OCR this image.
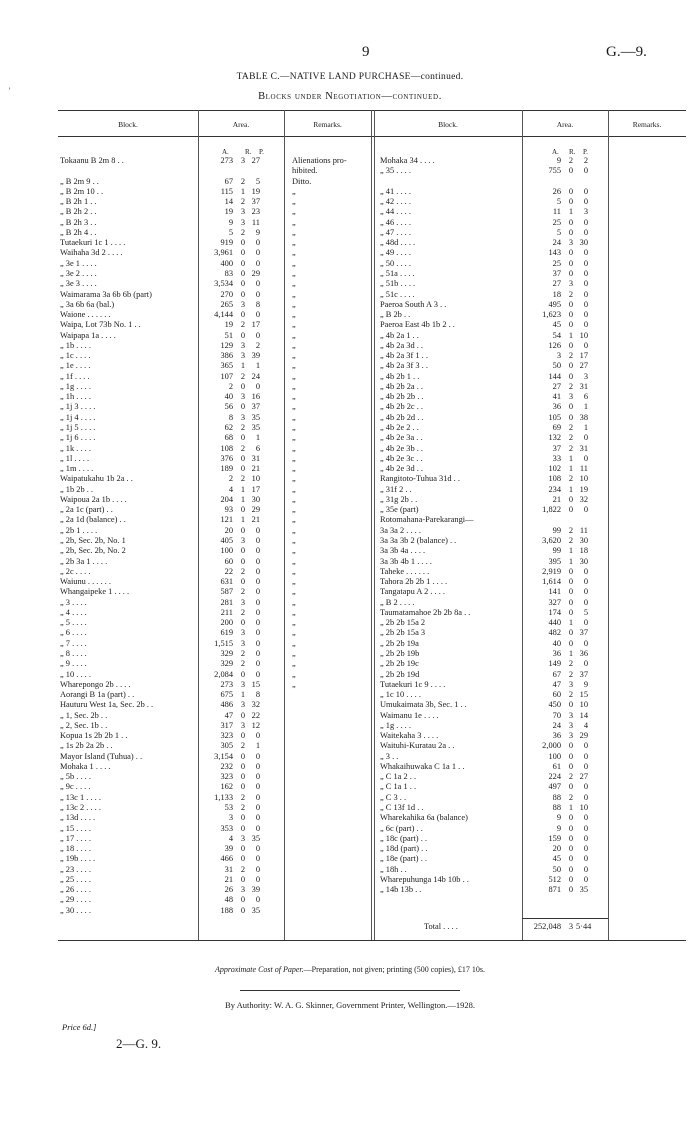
ʼ
9	G.—9.
TABLE C.—NATIVE LAND PURCHASE—continued.
Blocks under Negotiation—continued.
Block.	Area.	Remarks.	Block.	Area.	Remarks.
A. R. P.	A. R. P.
Tokaanu B 2m 8 . .	273 3 27	Alienations pro-
hibited.
„ B 2m 9 . .	67 2	5	Ditto.
„ B 2m 10 . .	115 1 19	„
„ B 2h 1 . .	14 2 37	„
„ B 2h 2 . .	19 3 23	„
„ B 2h 3 . .	9 3 11	„
„ B 2h 4 . .	5 2	9	„
Tutaekuri 1c 1 . . . .	919 0	0	„
Waihaha 3d 2 . . . .	3,961 0	0	„
„ 3e 1 . . . .	400 0	0	„
„ 3e 2 . . . .	83 0 29	„
„ 3e 3 . . . .	3,534 0	0	„
Waimarama 3a 6b 6b (part)	270 0	0	„
„ 3a 6b 6a (bal.)	265 3	8	„
Waione . . . . . .	4,144 0	0	„
Waipa, Lot 73b No. 1 . .	19 2 17	„
Waipapa 1a . . . .	51 0	0	„
„ 1b . . . .	129 3	2	„
„ 1c . . . .	386 3 39	„
„ 1e . . . .	365 1	1	„
„ 1f . . . .	107 2 24	„
„ 1g . . . .	2 0	0	„
„ 1h . . . .	40 3 16	„
„ 1j 3 . . . .	56 0 37	„
„ 1j 4 . . . .	8 3 35	„
„ 1j 5 . . . .	62 2 35	„
„ 1j 6 . . . .	68 0	1	„
„ 1k . . . .	108 2	6	„
„ 1l . . . .	376 0 31	„
„ 1m . . . .	189 0 21	„
Waipatukahu 1b 2a . .	2 2 10	„
„ 1b 2b . .	4 1 17	„
Waipoua 2a 1b . . . .	204 1 30	„
„ 2a 1c (part) . .	93 0 29	„
„ 2a 1d (balance) . .	121 1 21	„
„ 2b 1 . . . .	20 0	0	„
„ 2b, Sec. 2b, No. 1	405 3	0	„
„ 2b, Sec. 2b, No. 2	100 0	0	„
„ 2b 3a 1 . . . .	60 0	0	„
„ 2c . . . .	22 2	0	„
Waiunu . . . . . .	631 0	0	„
Whangaipeke 1 . . . .	587 2	0	„
„ 3 . . . .	281 3	0	„
„ 4 . . . .	211 2	0	„
„ 5 . . . .	200 0	0	„
„ 6 . . . .	619 3	0	„
„ 7 . . . .	1,515 3	0	„
„ 8 . . . .	329 2	0	„
„ 9 . . . .	329 2	0	„
„ 10 . . . .	2,084 0	0	„
Wharepongo 2b . . . .	273 3 15	„
Aorangi B 1a (part) . .	675 1	8
Hauturu West 1a, Sec. 2b . .	486 3 32
„ 1, Sec. 2b . .	47 0 22
„ 2, Sec. 1b . .	317 3 12
Kopua 1s 2b 2b 1 . .	323 0	0
„ 1s 2b 2a 2b . .	305 2	1
Mayor Island (Tuhua) . .	3,154 0	0
Mohaka 1 . . . .	232 0	0
„ 5b . . . .	323 0	0
„ 9c . . . .	162 0	0
„ 13c 1 . . . .	1,133 2	0
„ 13c 2 . . . .	53 2	0
„ 13d . . . .	3 0	0
„ 15 . . . .	353 0	0
„ 17 . . . .	4 3 35
„ 18 . . . .	39 0	0
„ 19b . . . .	466 0	0
„ 23 . . . .	31 2	0
„ 25 . . . .	21 0	0
„ 26 . . . .	26 3 39
„ 29 . . . .	48 0	0
„ 30 . . . .	188 0 35
Mohaka 34 . . . .	9 2	2
„ 35 . . . .	755 0	0
„ 41 . . . .	26 0	0
„ 42 . . . .	5 0	0
„ 44 . . . .	11 1	3
„ 46 . . . .	25 0	0
„ 47 . . . .	5 0	0
„ 48d . . . .	24 3 30
„ 49 . . . .	143 0	0
„ 50 . . . .	25 0	0
„ 51a . . . .	37 0	0
„ 51b . . . .	27 3	0
„ 51c . . . .	18 2	0
Paeroa South A 3 . .	495 0	0
„ B 2b . .	1,623 0	0
Paeroa East 4b 1b 2 . .	45 0	0
„ 4b 2a 1 . .	54 1 10
„ 4b 2a 3d . .	126 0	0
„ 4b 2a 3f 1 . .	3 2 17
„ 4b 2a 3f 3 . .	50 0 27
„ 4b 2b 1 . .	144 0	3
„ 4b 2b 2a . .	27 2 31
„ 4b 2b 2b . .	41 3	6
„ 4b 2b 2c . .	36 0	1
„ 4b 2b 2d . .	105 0 38
„ 4b 2e 2 . .	69 2	1
„ 4b 2e 3a . .	132 2	0
„ 4b 2e 3b . .	37 2 31
„ 4b 2e 3c . .	33 1	0
„ 4b 2e 3d . .	102 1 11
Rangitoto-Tuhua 31d . .	108 2 10
„ 31f 2 . .	234 1 19
„ 31g 2b . .	21 0 32
„ 35e (part)	1,822 0	0
Rotomahana-Parekarangi—
3a 3a 2 . . . .	99 2 11
3a 3a 3b 2 (balance) . .	3,620 2 30
3a 3b 4a . . . .	99 1 18
3a 3b 4b 1 . . . .	395 1 30
Taheke . . . . . .	2,919 0	0
Tahora 2b 2b 1 . . . .	1,614 0	0
Tangatapu A 2 . . . .	141 0	0
„ B 2 . . . .	327 0	0
Taumatamahoe 2b 2b 8a . .	174 0	5
„ 2b 2b 15a 2	440 1	0
„ 2b 2b 15a 3	482 0 37
„ 2b 2b 19a	40 0	0
„ 2b 2b 19b	36 1 36
„ 2b 2b 19c	149 2	0
„ 2b 2b 19d	67 2 37
Tutaekuri 1c 9 . . . .	47 3	9
„ 1c 10 . . . .	60 2 15
Umukaimata 3b, Sec. 1 . .	450 0 10
Waimanu 1e . . . .	70 3 14
„ 1g . . . .	24 3	4
Waitekaha 3 . . . .	36 3 29
Waituhi-Kuratau 2a . .	2,000 0	0
„ 3 . .	100 0	0
Whakaihuwaka C 1a 1 . .	61 0	0
„ C 1a 2 . .	224 2 27
„ C 1a 1 . .	497 0	0
„ C 3 . .	88 2	0
„ C 13f 1d . .	88 1 10
Wharekahika 6a (balance)	9 0	0
„ 6c (part) . .	9 0	0
„ 18c (part) . .	159 0	0
„ 18d (part) . .	20 0	0
„ 18e (part) . .	45 0	0
„ 18h . .	50 0	0
Wharepuhunga 14b 10b . .	512 0	0
„ 14b 13b . .	871 0 35
Total . . . .	252,048 3 5·44
Approximate Cost of Paper.—Preparation, not given; printing (500 copies), £17 10s.
By Authority: W. A. G. Skinner, Government Printer, Wellington.—1928.
Price 6d.]
2—G. 9.
